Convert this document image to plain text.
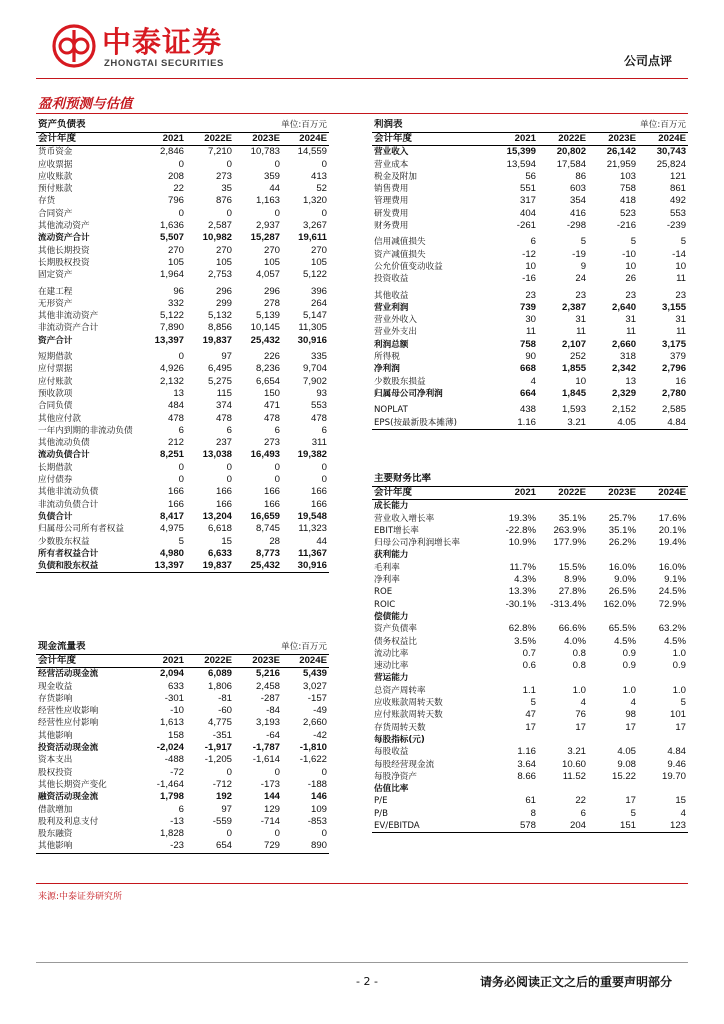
中泰证券
ZHONGTAI SECURITIES	公司点评
盈利预测与估值
资产负债表			单位:百万元	
会计年度	2021	2022E	2023E	2024E
货币资金	2,846	7,210	10,783	14,559
应收票据	0	0	0	0
应收账款	208	273	359	413
预付账款	22	35	44	52
存货	796	876	1,163	1,320
合同资产	0	0	0	0
其他流动资产	1,636	2,587	2,937	3,267
流动资产合计	5,507	10,982	15,287	19,611
其他长期投资	270	270	270	270
长期股权投资	105	105	105	105
固定资产	1,964	2,753	4,057	5,122
在建工程	96	296	296	396
无形资产	332	299	278	264
其他非流动资产	5,122	5,132	5,139	5,147
非流动资产合计	7,890	8,856	10,145	11,305
资产合计	13,397	19,837	25,432	30,916
短期借款	0	97	226	335
应付票据	4,926	6,495	8,236	9,704
应付账款	2,132	5,275	6,654	7,902
预收款项	13	115	150	93
合同负债	484	374	471	553
其他应付款	478	478	478	478
一年内到期的非流动负债	6	6	6	6
其他流动负债	212	237	273	311
流动负债合计	8,251	13,038	16,493	19,382
长期借款	0	0	0	0
应付债券	0	0	0	0
其他非流动负债	166	166	166	166
非流动负债合计	166	166	166	166
负债合计	8,417	13,204	16,659	19,548
归属母公司所有者权益	4,975	6,618	8,745	11,323
少数股东权益	5	15	28	44
所有者权益合计	4,980	6,633	8,773	11,367
负债和股东权益	13,397	19,837	25,432	30,916
现金流量表			单位:百万元	
会计年度	2021	2022E	2023E	2024E
经营活动现金流	2,094	6,089	5,216	5,439
现金收益	633	1,806	2,458	3,027
存货影响	-301	-81	-287	-157
经营性应收影响	-10	-60	-84	-49
经营性应付影响	1,613	4,775	3,193	2,660
其他影响	158	-351	-64	-42
投资活动现金流	-2,024	-1,917	-1,787	-1,810
资本支出	-488	-1,205	-1,614	-1,622
股权投资	-72	0	0	0
其他长期资产变化	-1,464	-712	-173	-188
融资活动现金流	1,798	192	144	146
借款增加	6	97	129	109
股利及利息支付	-13	-559	-714	-853
股东融资	1,828	0	0	0
其他影响	-23	654	729	890
利润表			单位:百万元	
会计年度	2021	2022E	2023E	2024E
营业收入	15,399	20,802	26,142	30,743
营业成本	13,594	17,584	21,959	25,824
税金及附加	56	86	103	121
销售费用	551	603	758	861
管理费用	317	354	418	492
研发费用	404	416	523	553
财务费用	-261	-298	-216	-239
信用减值损失	6	5	5	5
资产减值损失	-12	-19	-10	-14
公允价值变动收益	10	9	10	10
投资收益	-16	24	26	11
其他收益	23	23	23	23
营业利润	739	2,387	2,640	3,155
营业外收入	30	31	31	31
营业外支出	11	11	11	11
利润总额	758	2,107	2,660	3,175
所得税	90	252	318	379
净利润	668	1,855	2,342	2,796
少数股东损益	4	10	13	16
归属母公司净利润	664	1,845	2,329	2,780
NOPLAT	438	1,593	2,152	2,585
EPS(按最新股本摊薄)	1.16	3.21	4.05	4.84
主要财务比率				
会计年度	2021	2022E	2023E	2024E
成长能力				
营业收入增长率	19.3%	35.1%	25.7%	17.6%
EBIT增长率	-22.8%	263.9%	35.1%	20.1%
归母公司净利润增长率	10.9%	177.9%	26.2%	19.4%
获利能力				
毛利率	11.7%	15.5%	16.0%	16.0%
净利率	4.3%	8.9%	9.0%	9.1%
ROE	13.3%	27.8%	26.5%	24.5%
ROIC	-30.1%	-313.4%	162.0%	72.9%
偿债能力				
资产负债率	62.8%	66.6%	65.5%	63.2%
债务权益比	3.5%	4.0%	4.5%	4.5%
流动比率	0.7	0.8	0.9	1.0
速动比率	0.6	0.8	0.9	0.9
营运能力				
总资产周转率	1.1	1.0	1.0	1.0
应收账款周转天数	5	4	4	5
应付账款周转天数	47	76	98	101
存货周转天数	17	17	17	17
每股指标(元)				
每股收益	1.16	3.21	4.05	4.84
每股经营现金流	3.64	10.60	9.08	9.46
每股净资产	8.66	11.52	15.22	19.70
估值比率				
P/E	61	22	17	15
P/B	8	6	5	4
EV/EBITDA	578	204	151	123
来源:中泰证券研究所
- 2 -	请务必阅读正文之后的重要声明部分
